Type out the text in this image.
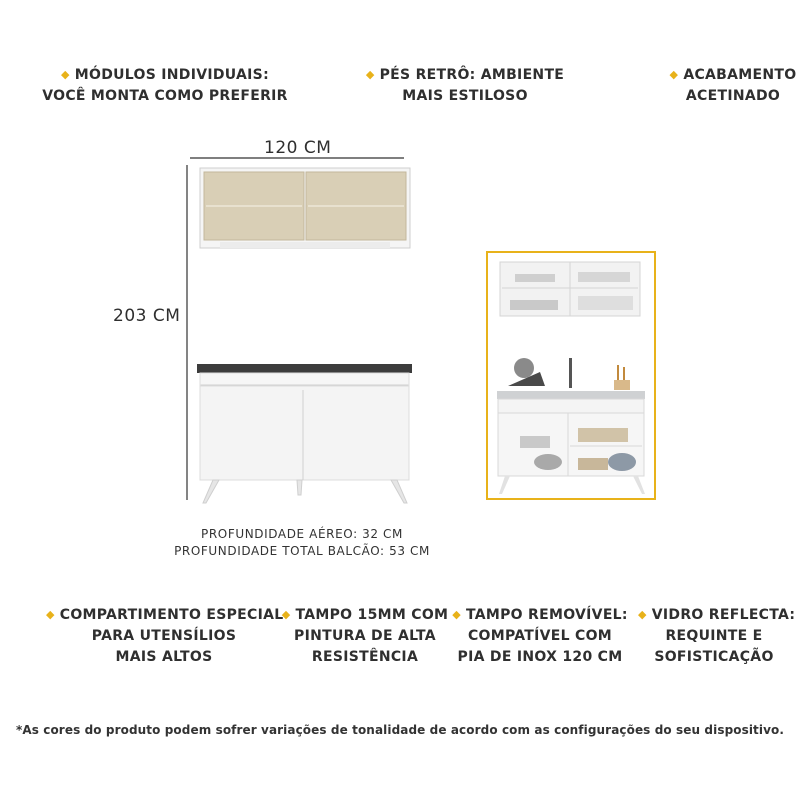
◆ MÓDULOS INDIVIDUAIS:
VOCÊ MONTA COMO PREFERIR
◆ PÉS RETRÔ: AMBIENTE
MAIS ESTILOSO
◆ ACABAMENTO
ACETINADO
120 CM
203 CM
PROFUNDIDADE AÉREO: 32 CM
PROFUNDIDADE TOTAL BALCÃO: 53 CM
◆ COMPARTIMENTO ESPECIAL
PARA UTENSÍLIOS
MAIS ALTOS
◆ TAMPO 15MM COM
PINTURA DE ALTA
RESISTÊNCIA
◆ TAMPO REMOVÍVEL:
COMPATÍVEL COM
PIA DE INOX 120 CM
◆ VIDRO REFLECTA:
REQUINTE E
SOFISTICAÇÃO
*As cores do produto podem sofrer variações de tonalidade de acordo com as configurações do seu dispositivo.
